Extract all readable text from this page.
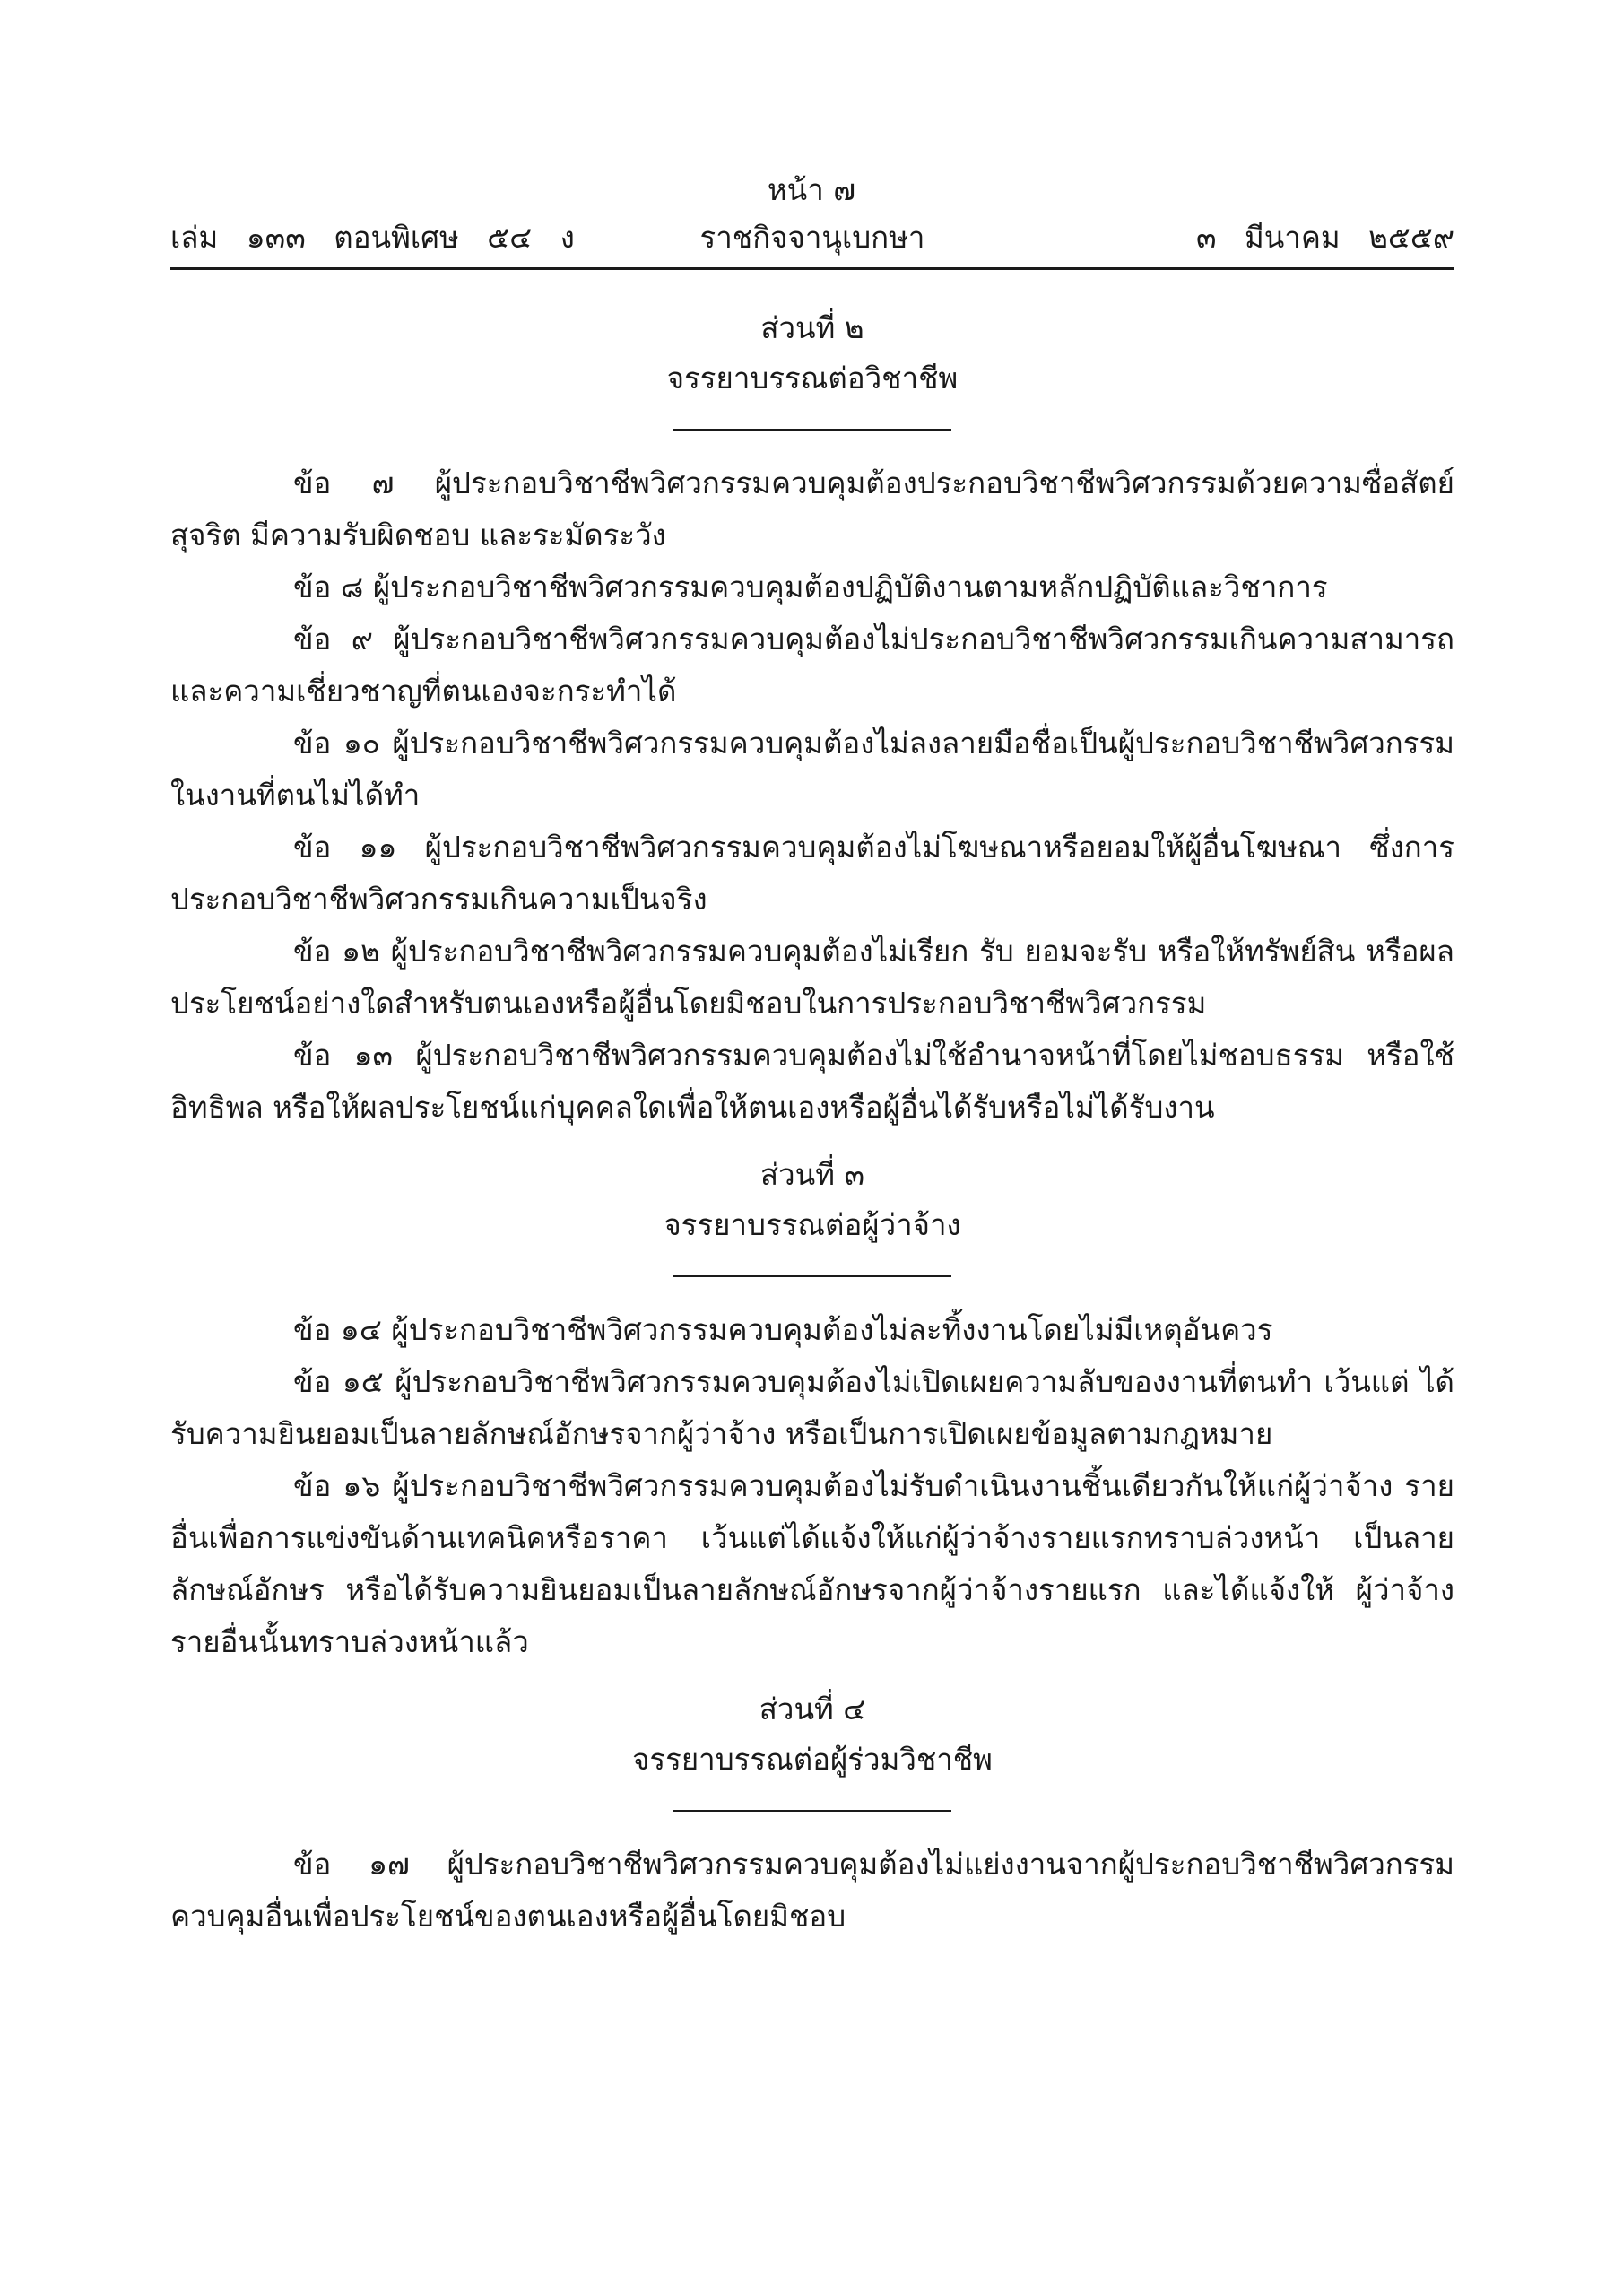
หน้า ๗
เล่ม   ๑๓๓   ตอนพิเศษ   ๕๔   ง	ราชกิจจานุเบกษา	๓   มีนาคม   ๒๕๕๙
ส่วนที่ ๒
จรรยาบรรณต่อวิชาชีพ

ข้อ ๗ ผู้ประกอบวิชาชีพวิศวกรรมควบคุมต้องประกอบวิชาชีพวิศวกรรมด้วยความซื่อสัตย์สุจริต มีความรับผิดชอบ และระมัดระวัง

ข้อ ๘ ผู้ประกอบวิชาชีพวิศวกรรมควบคุมต้องปฏิบัติงานตามหลักปฏิบัติและวิชาการ

ข้อ ๙ ผู้ประกอบวิชาชีพวิศวกรรมควบคุมต้องไม่ประกอบวิชาชีพวิศวกรรมเกินความสามารถ และความเชี่ยวชาญที่ตนเองจะกระทำได้

ข้อ ๑๐ ผู้ประกอบวิชาชีพวิศวกรรมควบคุมต้องไม่ลงลายมือชื่อเป็นผู้ประกอบวิชาชีพวิศวกรรม ในงานที่ตนไม่ได้ทำ

ข้อ ๑๑ ผู้ประกอบวิชาชีพวิศวกรรมควบคุมต้องไม่โฆษณาหรือยอมให้ผู้อื่นโฆษณา ซึ่งการประกอบวิชาชีพวิศวกรรมเกินความเป็นจริง

ข้อ ๑๒ ผู้ประกอบวิชาชีพวิศวกรรมควบคุมต้องไม่เรียก รับ ยอมจะรับ หรือให้ทรัพย์สิน หรือผลประโยชน์อย่างใดสำหรับตนเองหรือผู้อื่นโดยมิชอบในการประกอบวิชาชีพวิศวกรรม

ข้อ ๑๓ ผู้ประกอบวิชาชีพวิศวกรรมควบคุมต้องไม่ใช้อำนาจหน้าที่โดยไม่ชอบธรรม หรือใช้อิทธิพล หรือให้ผลประโยชน์แก่บุคคลใดเพื่อให้ตนเองหรือผู้อื่นได้รับหรือไม่ได้รับงาน

ส่วนที่ ๓
จรรยาบรรณต่อผู้ว่าจ้าง

ข้อ ๑๔ ผู้ประกอบวิชาชีพวิศวกรรมควบคุมต้องไม่ละทิ้งงานโดยไม่มีเหตุอันควร

ข้อ ๑๕ ผู้ประกอบวิชาชีพวิศวกรรมควบคุมต้องไม่เปิดเผยความลับของงานที่ตนทำ เว้นแต่ ได้รับความยินยอมเป็นลายลักษณ์อักษรจากผู้ว่าจ้าง หรือเป็นการเปิดเผยข้อมูลตามกฎหมาย

ข้อ ๑๖ ผู้ประกอบวิชาชีพวิศวกรรมควบคุมต้องไม่รับดำเนินงานชิ้นเดียวกันให้แก่ผู้ว่าจ้าง รายอื่นเพื่อการแข่งขันด้านเทคนิคหรือราคา เว้นแต่ได้แจ้งให้แก่ผู้ว่าจ้างรายแรกทราบล่วงหน้า เป็นลายลักษณ์อักษร หรือได้รับความยินยอมเป็นลายลักษณ์อักษรจากผู้ว่าจ้างรายแรก และได้แจ้งให้ ผู้ว่าจ้างรายอื่นนั้นทราบล่วงหน้าแล้ว

ส่วนที่ ๔
จรรยาบรรณต่อผู้ร่วมวิชาชีพ

ข้อ ๑๗ ผู้ประกอบวิชาชีพวิศวกรรมควบคุมต้องไม่แย่งงานจากผู้ประกอบวิชาชีพวิศวกรรม ควบคุมอื่นเพื่อประโยชน์ของตนเองหรือผู้อื่นโดยมิชอบ
